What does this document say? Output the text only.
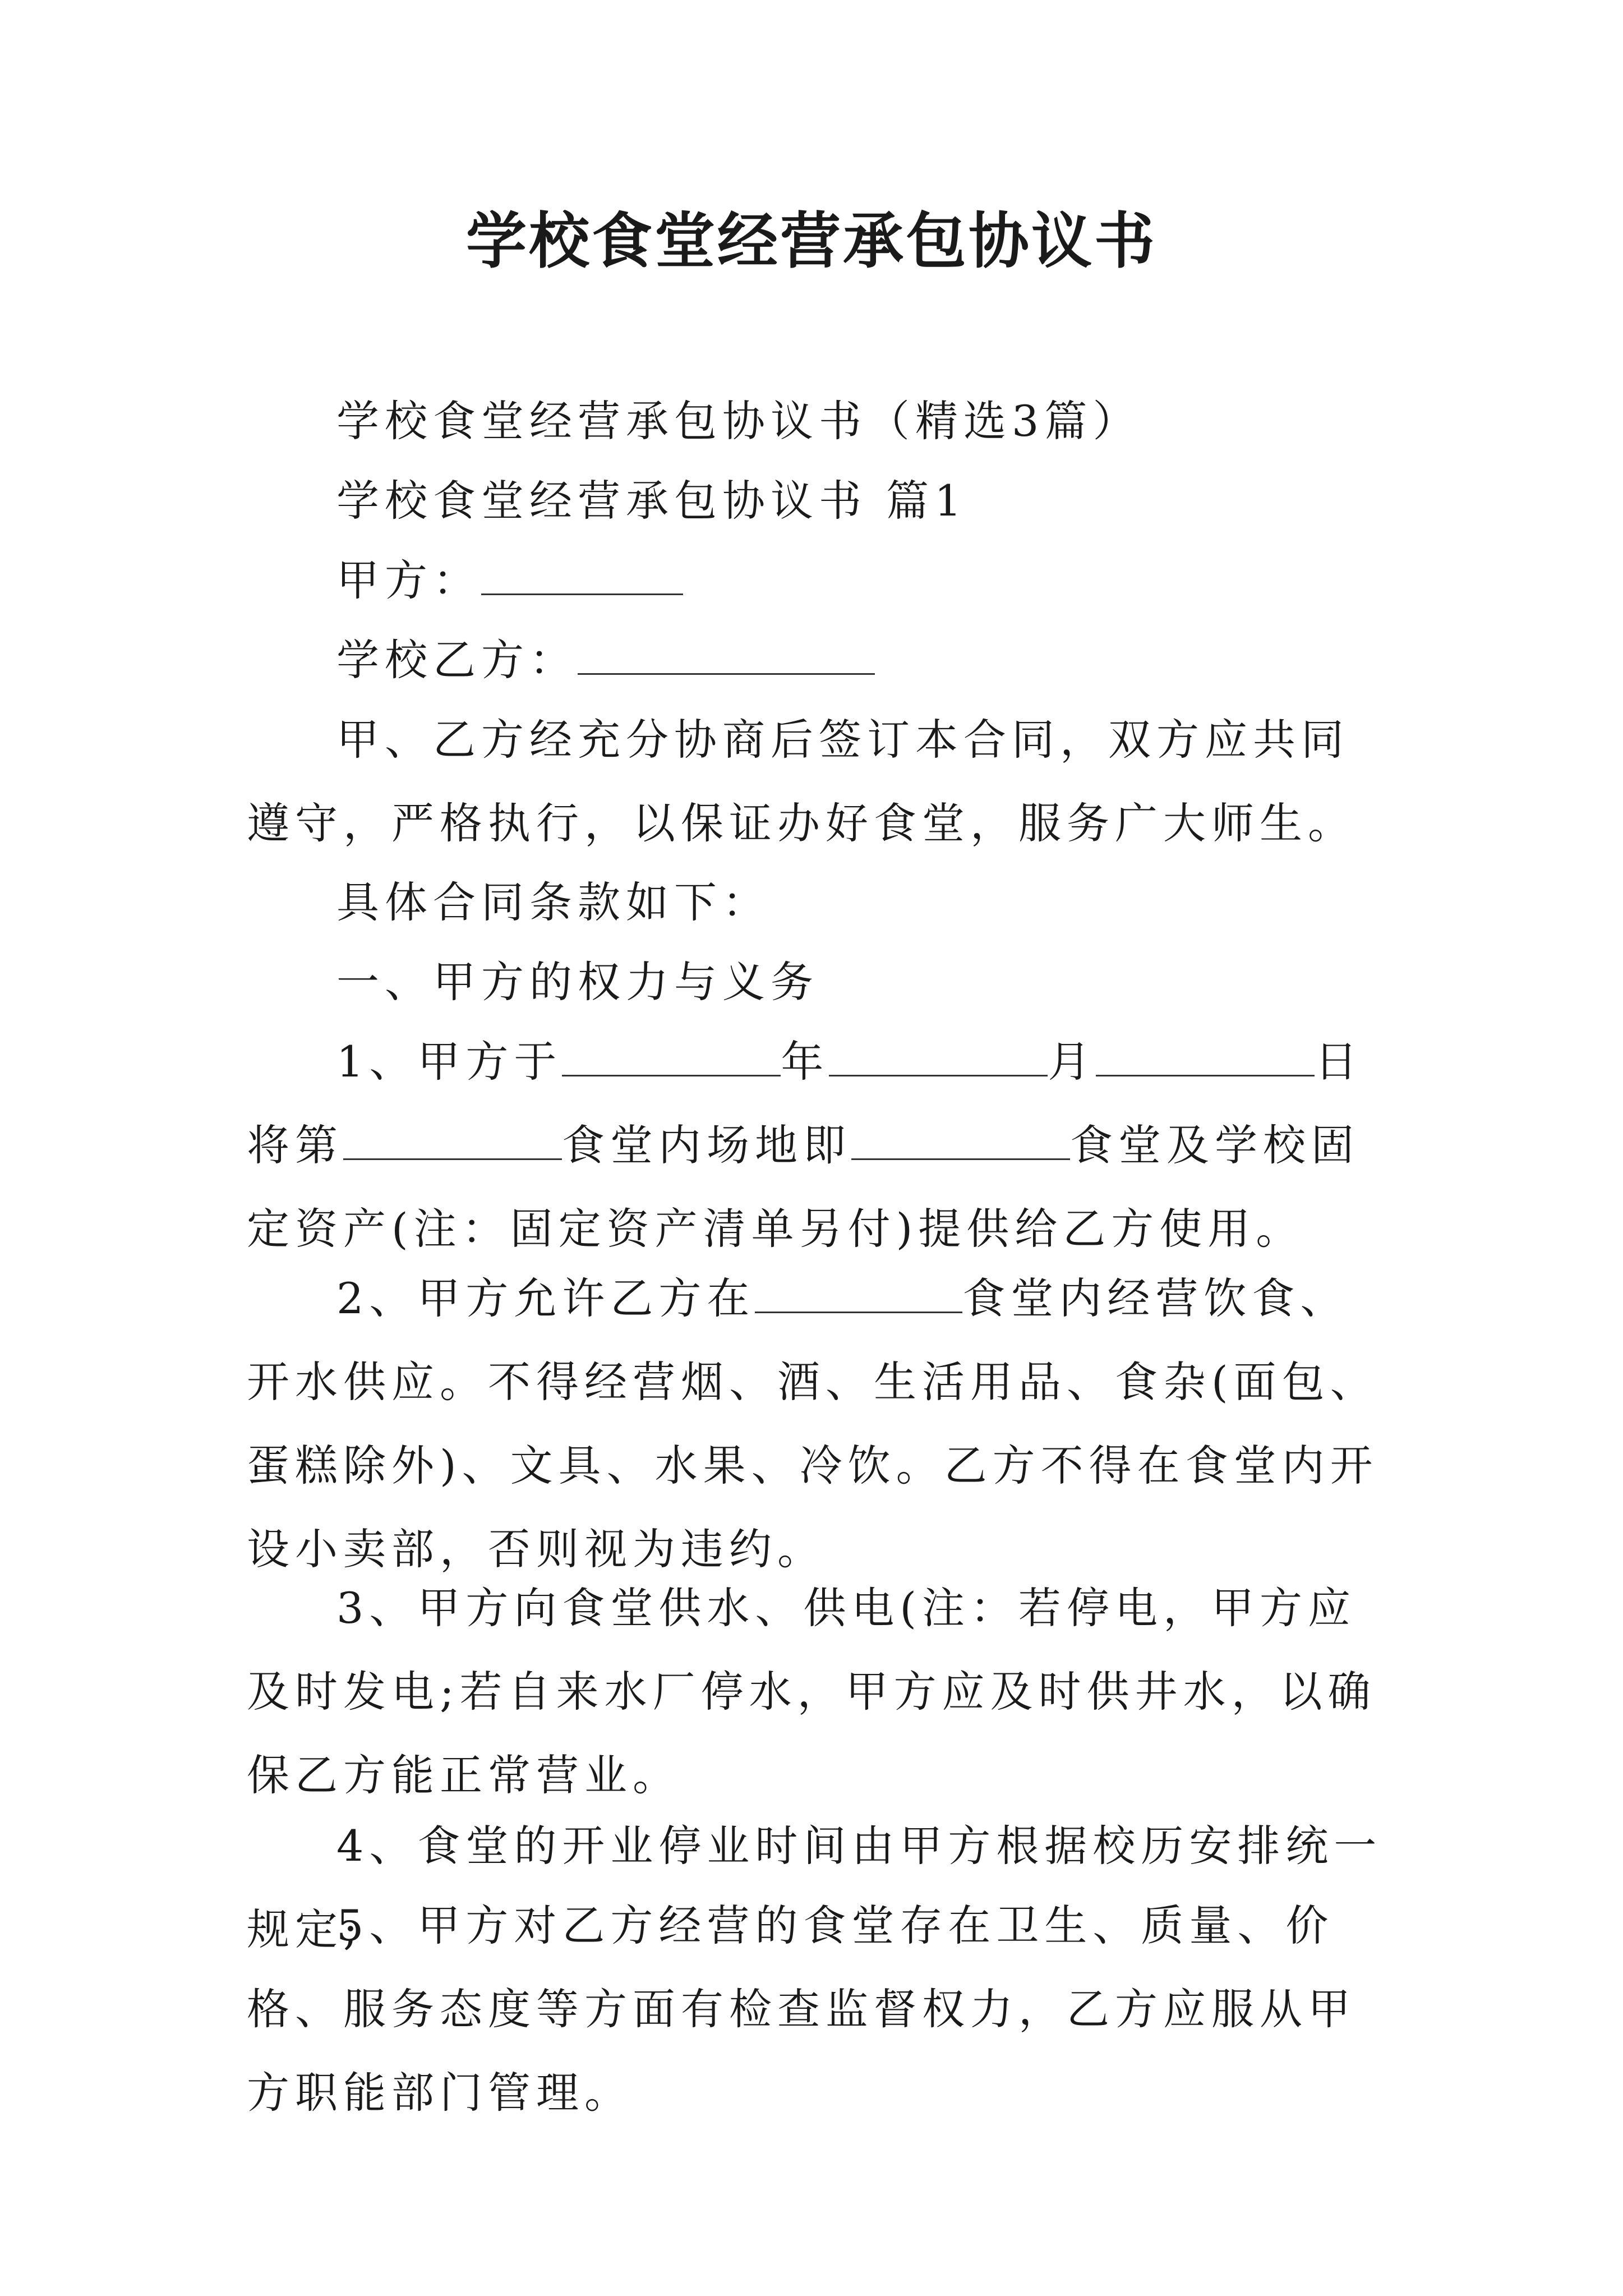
学校食堂经营承包协议书

学校食堂经营承包协议书（精选3篇）

学校食堂经营承包协议书 篇1

甲方：

学校乙方：

甲、乙方经充分协商后签订本合同，双方应共同遵守，严格执行，以保证办好食堂，服务广大师生。

具体合同条款如下：

一、甲方的权力与义务

1、甲方于	年	月	日将第	食堂内场地即	食堂及学校固定资产(注：固定资产清单另付)提供给乙方使用。

2、甲方允许乙方在	食堂内经营饮食、开水供应。不得经营烟、酒、生活用品、食杂(面包、蛋糕除外)、文具、水果、冷饮。乙方不得在食堂内开设小卖部，否则视为违约。

3、甲方向食堂供水、供电(注：若停电，甲方应及时发电;若自来水厂停水，甲方应及时供井水，以确保乙方能正常营业。

4、食堂的开业停业时间由甲方根据校历安排统一规定;

5、甲方对乙方经营的食堂存在卫生、质量、价格、服务态度等方面有检查监督权力，乙方应服从甲方职能部门管理。
